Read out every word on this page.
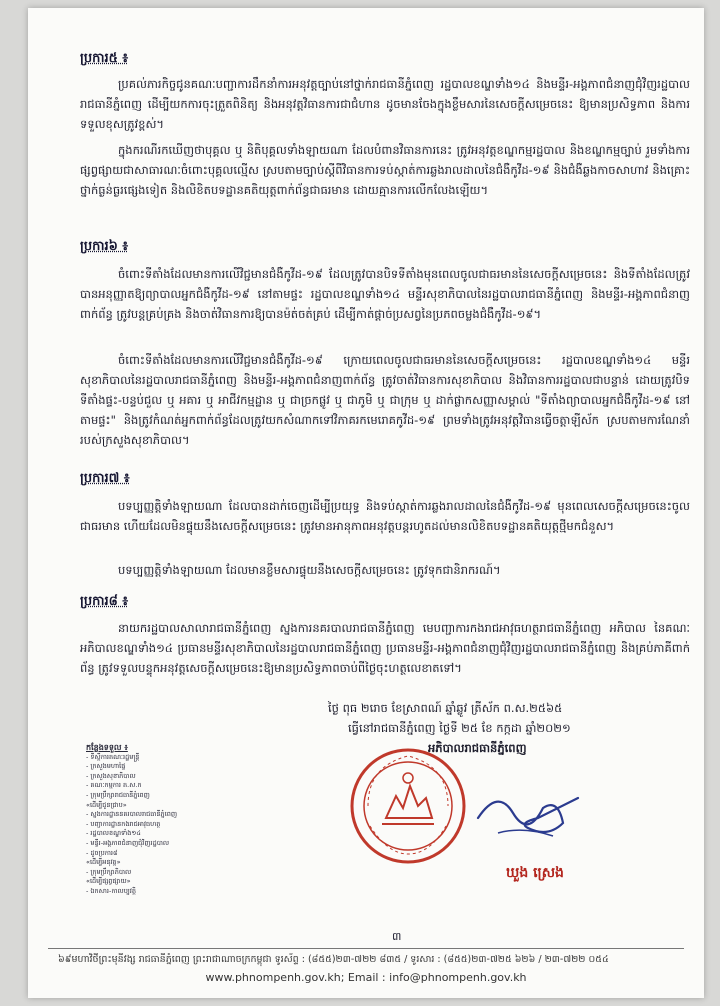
ប្រការ៥ ៖
ប្រគល់ភារកិច្ចជូនគណៈបញ្ជាការដឹកនាំការអនុវត្តច្បាប់នៅថ្នាក់រាជធានីភ្នំពេញ រដ្ឋបាលខណ្ឌទាំង១៤ និងមន្ទីរ-អង្គភាពជំនាញជុំវិញរដ្ឋបាលរាជធានីភ្នំពេញ ដើម្បីយកការចុះត្រួតពិនិត្យ និងអនុវត្តវិធានការជាជំហាន ដូចមានចែងក្នុងខ្លឹមសារនៃសេចក្តីសម្រេចនេះ ឱ្យមានប្រសិទ្ធភាព និងការទទួលខុសត្រូវខ្ពស់។
ក្នុងករណីរកឃើញថាបុគ្គល ឬ និតិបុគ្គលទាំងឡាយណា ដែលបំពានវិធានការនេះ ត្រូវអនុវត្តខណ្ឌកម្មរដ្ឋបាល និងខណ្ឌកម្មច្បាប់ រួមទាំងការផ្សព្វផ្សាយជាសាធារណៈចំពោះបុគ្គលល្មើស ស្របតាមច្បាប់ស្តីពីវិធានការទប់ស្កាត់ការឆ្លងរាលដាលនៃជំងឺកូវីដ-១៩ និងជំងឺឆ្លងកាចសាហាវ និងគ្រោះថ្នាក់ធ្ងន់ធ្ងរផ្សេងទៀត និងលិខិតបទដ្ឋានគតិយុត្តពាក់ព័ន្ធជាធរមាន ដោយគ្មានការលើកលែងឡើយ។
ប្រការ៦ ៖
ចំពោះទីតាំងដែលមានការលើវិជ្ជមានជំងឺកូវីដ-១៩ ដែលត្រូវបានបិទទីតាំងមុនពេលចូលជាធរមាននៃសេចក្តីសម្រេចនេះ និងទីតាំងដែលត្រូវបានអនុញ្ញាតឱ្យព្យាបាលអ្នកជំងឺកូវីដ-១៩ នៅតាមផ្ទះ រដ្ឋបាលខណ្ឌទាំង១៤ មន្ទីរសុខាភិបាលនៃរដ្ឋបាលរាជធានីភ្នំពេញ និងមន្ទីរ-អង្គភាពជំនាញពាក់ព័ន្ធ ត្រូវបន្តគ្រប់គ្រង និងចាត់វិធានការឱ្យបានម៉ត់ចត់គ្រប់ ដើម្បីកាត់ផ្តាច់ប្រសព្វនៃប្រភពចម្លងជំងឺកូវីដ-១៩។
ចំពោះទីតាំងដែលមានការលើវិជ្ជមានជំងឺកូវីដ-១៩ ក្រោយពេលចូលជាធរមាននៃសេចក្តីសម្រេចនេះ រដ្ឋបាលខណ្ឌទាំង១៤ មន្ទីរសុខាភិបាលនៃរដ្ឋបាលរាជធានីភ្នំពេញ និងមន្ទីរ-អង្គភាពជំនាញពាក់ព័ន្ធ ត្រូវចាត់វិធានការសុខាភិបាល និងវិធានការរដ្ឋបាលជាបន្ទាន់ ដោយត្រូវបិទទីតាំងផ្ទះ-បន្ទប់ជួល ឬ អគារ ឬ អាជីវកម្មដ្ឋាន ឬ ជាច្រកផ្លូវ ឬ ជាភូមិ ឬ ជាក្រុម ឬ ដាក់ផ្លាកសញ្ញាសម្គាល់ "ទីតាំងព្យាបាលអ្នកជំងឺកូវីដ-១៩ នៅតាមផ្ទះ" និងត្រូវកំណត់អ្នកពាក់ព័ន្ធដែលត្រូវយកសំណាកទៅវិភាគរកមេរោគកូវីដ-១៩ ព្រមទាំងត្រូវអនុវត្តវិធានធ្វើចត្តាឡីស័ក ស្របតាមការណែនាំរបស់ក្រសួងសុខាភិបាល។
ប្រការ៧ ៖
បទប្បញ្ញត្តិទាំងឡាយណា ដែលបានដាក់ចេញដើម្បីប្រយុទ្ធ និងទប់ស្កាត់ការឆ្លងរាលដាលនៃជំងឺកូវីដ-១៩ មុនពេលសេចក្តីសម្រេចនេះចូលជាធរមាន ហើយដែលមិនផ្ទុយនឹងសេចក្តីសម្រេចនេះ ត្រូវមានអានុភាពអនុវត្តបន្តរហូតដល់មានលិខិតបទដ្ឋានគតិយុត្តថ្មីមកជំនួស។
បទប្បញ្ញត្តិទាំងឡាយណា ដែលមានខ្លឹមសារផ្ទុយនឹងសេចក្តីសម្រេចនេះ ត្រូវទុកជានិរាករណ៍។
ប្រការ៨ ៖
នាយករដ្ឋបាលសាលារាជធានីភ្នំពេញ ស្នងការនគរបាលរាជធានីភ្នំពេញ មេបញ្ជាការកងរាជអាវុធហត្ថរាជធានីភ្នំពេញ អភិបាល នៃគណៈអភិបាលខណ្ឌទាំង១៤ ប្រធានមន្ទីរសុខាភិបាលនៃរដ្ឋបាលរាជធានីភ្នំពេញ ប្រធានមន្ទីរ-អង្គភាពជំនាញជុំវិញរដ្ឋបាលរាជធានីភ្នំពេញ និងគ្រប់ភាគីពាក់ព័ន្ធ ត្រូវទទួលបន្ទុកអនុវត្តសេចក្តីសម្រេចនេះឱ្យមានប្រសិទ្ធភាពចាប់ពីថ្ងៃចុះហត្ថលេខាតទៅ។
ថ្ងៃ ពុធ ២រោច ខែស្រាពណ៍ ឆ្នាំឆ្លូវ ត្រីស័ក ព.ស.២៥៦៥
ធ្វើនៅរាជធានីភ្នំពេញ ថ្ងៃទី ២៥ ខែ កក្កដា ឆ្នាំ២០២១
អភិបាលរាជធានីភ្នំពេញ
ឃួង ស្រេង
កន្លែងទទួល ៖
- ទីស្តីការគណៈរដ្ឋមន្ត្រី
- ក្រសួងមហាផ្ទៃ
- ក្រសួងសុខាភិបាល
- គណៈកម្មការ គ.ស.ក
- ក្រុមប្រឹក្សារាជធានីភ្នំពេញ
«ដើម្បីជូនជ្រាប»
- ស្នងការដ្ឋាននគរបាលរាជធានីភ្នំពេញ
- បញ្ជាការដ្ឋានកងរាជអាវុធហត្ថ
- រដ្ឋបាលខណ្ឌទាំង១៤
- មន្ទីរ-អង្គភាពជំនាញជុំវិញរដ្ឋបាល
- ដូចប្រការ៨
«ដើម្បីអនុវត្ត»
- ក្រុមប្រឹក្សាភិបាល
«ដើម្បីផ្សព្វផ្សាយ»
- ឯកសារ-កាលប្បវត្តិ
៣
៦៩មហាវិថីព្រះមុនីវង្ស រាជធានីភ្នំពេញ ព្រះរាជាណាចក្រកម្ពុជា ទូរស័ព្ទ : (៨៥៥)២៣-៧២២ ៨៣៥ / ទូរសារ : (៨៥៥)២៣-៧២៥ ៦២៦ / ២៣-៧២២ ០៥៤
www.phnompenh.gov.kh; Email : info@phnompenh.gov.kh
